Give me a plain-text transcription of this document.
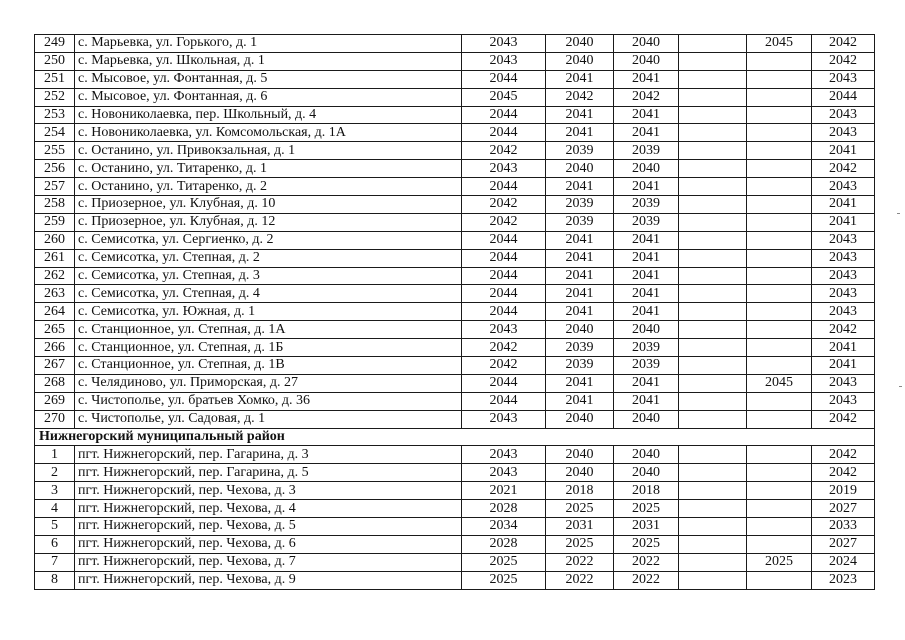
249	с. Марьевка, ул. Горького, д. 1	2043	2040	2040		2045	2042
250	с. Марьевка, ул. Школьная, д. 1	2043	2040	2040			2042
251	с. Мысовое, ул. Фонтанная, д. 5	2044	2041	2041			2043
252	с. Мысовое, ул. Фонтанная, д. 6	2045	2042	2042			2044
253	с. Новониколаевка, пер. Школьный, д. 4	2044	2041	2041			2043
254	с. Новониколаевка, ул. Комсомольская, д. 1А	2044	2041	2041			2043
255	с. Останино, ул. Привокзальная, д. 1	2042	2039	2039			2041
256	с. Останино, ул. Титаренко, д. 1	2043	2040	2040			2042
257	с. Останино, ул. Титаренко, д. 2	2044	2041	2041			2043
258	с. Приозерное, ул. Клубная, д. 10	2042	2039	2039			2041
259	с. Приозерное, ул. Клубная, д. 12	2042	2039	2039			2041
260	с. Семисотка, ул. Сергиенко, д. 2	2044	2041	2041			2043
261	с. Семисотка, ул. Степная, д. 2	2044	2041	2041			2043
262	с. Семисотка, ул. Степная, д. 3	2044	2041	2041			2043
263	с. Семисотка, ул. Степная, д. 4	2044	2041	2041			2043
264	с. Семисотка, ул. Южная, д. 1	2044	2041	2041			2043
265	с. Станционное, ул. Степная, д. 1А	2043	2040	2040			2042
266	с. Станционное, ул. Степная, д. 1Б	2042	2039	2039			2041
267	с. Станционное, ул. Степная, д. 1В	2042	2039	2039			2041
268	с. Челядиново, ул. Приморская, д. 27	2044	2041	2041		2045	2043
269	с. Чистополье, ул. братьев Хомко, д. 36	2044	2041	2041			2043
270	с. Чистополье, ул. Садовая, д. 1	2043	2040	2040			2042
Нижнегорский муниципальный район							
1	пгт. Нижнегорский, пер. Гагарина, д. 3	2043	2040	2040			2042
2	пгт. Нижнегорский, пер. Гагарина, д. 5	2043	2040	2040			2042
3	пгт. Нижнегорский, пер. Чехова, д. 3	2021	2018	2018			2019
4	пгт. Нижнегорский, пер. Чехова, д. 4	2028	2025	2025			2027
5	пгт. Нижнегорский, пер. Чехова, д. 5	2034	2031	2031			2033
6	пгт. Нижнегорский, пер. Чехова, д. 6	2028	2025	2025			2027
7	пгт. Нижнегорский, пер. Чехова, д. 7	2025	2022	2022		2025	2024
8	пгт. Нижнегорский, пер. Чехова, д. 9	2025	2022	2022			2023
